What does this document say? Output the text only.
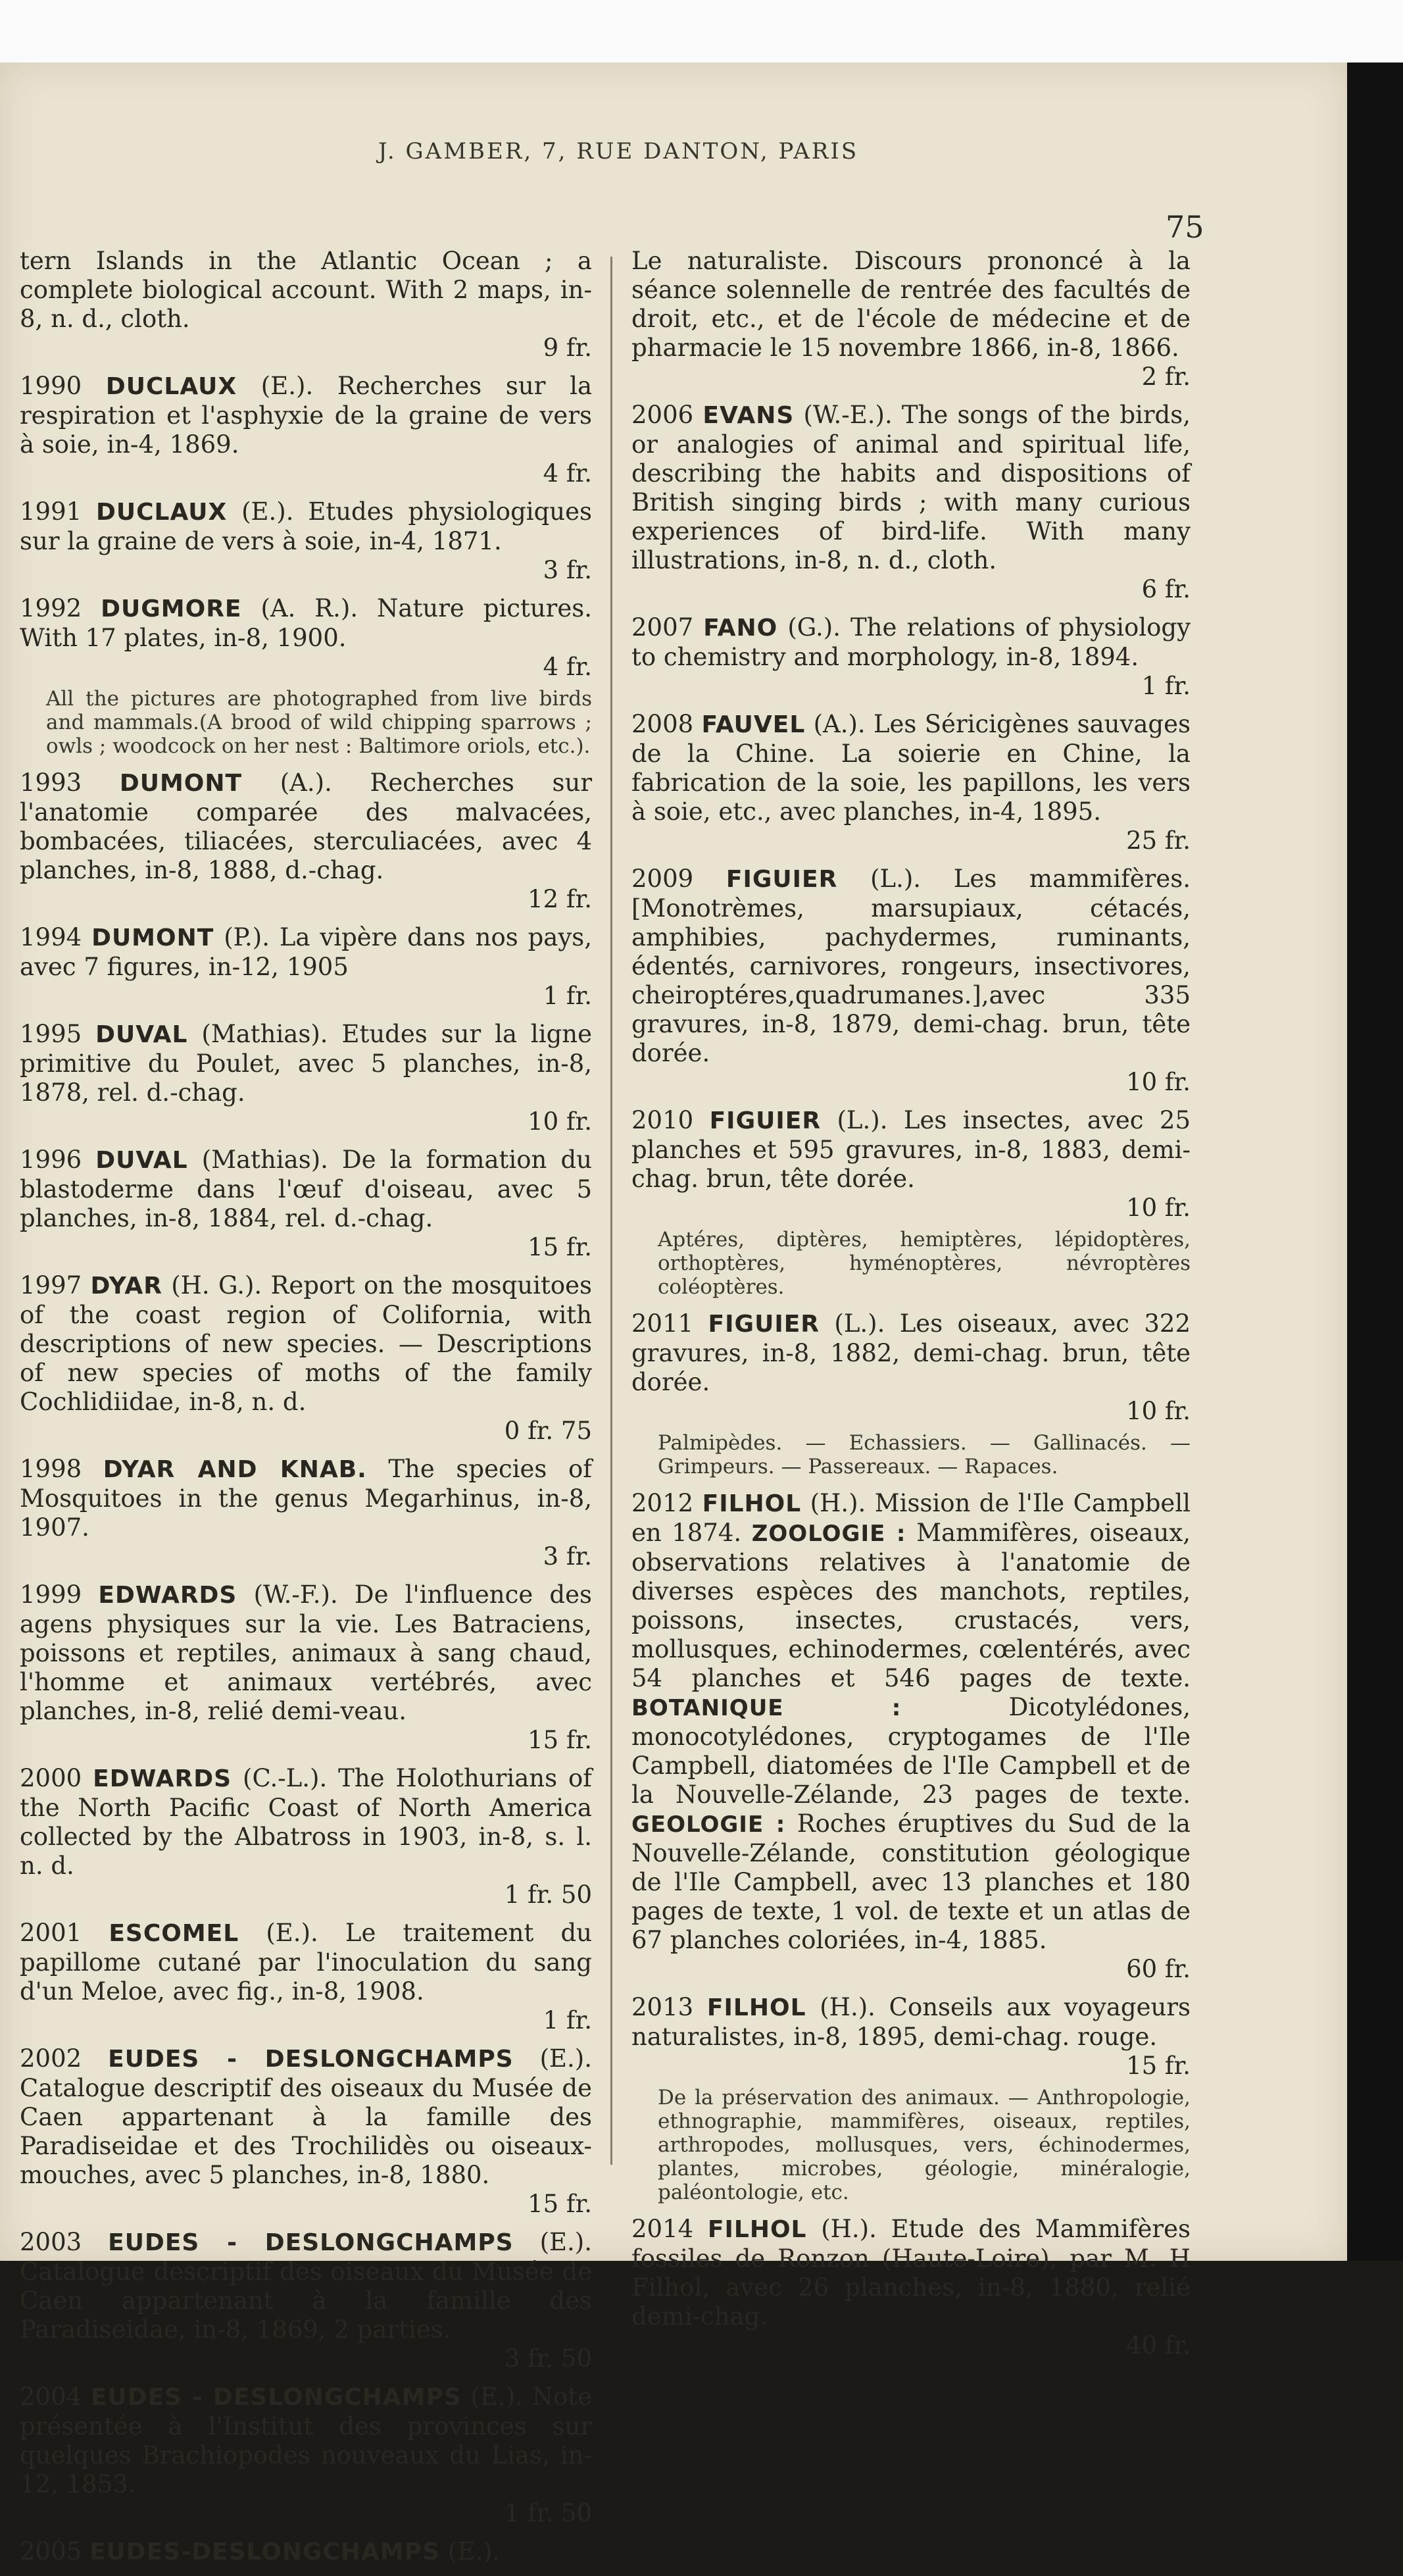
J. GAMBER, 7, RUE DANTON, PARIS
75
tern Islands in the Atlantic Ocean ; a complete biological account. With 2 maps, in-8, n. d., cloth.
9 fr.
1990 DUCLAUX (E.). Recherches sur la respiration et l'asphyxie de la graine de vers à soie, in-4, 1869.
4 fr.
1991 DUCLAUX (E.). Etudes physiologiques sur la graine de vers à soie, in-4, 1871.
3 fr.
1992 DUGMORE (A. R.). Nature pictures. With 17 plates, in-8, 1900.
4 fr.
All the pictures are photographed from live birds and mammals.(A brood of wild chipping sparrows ; owls ; woodcock on her nest : Baltimore oriols, etc.).
1993 DUMONT (A.). Recherches sur l'anatomie comparée des malvacées, bombacées, tiliacées, sterculiacées, avec 4 planches, in-8, 1888, d.-chag.
12 fr.
1994 DUMONT (P.). La vipère dans nos pays, avec 7 figures, in-12, 1905
1 fr.
1995 DUVAL (Mathias). Etudes sur la ligne primitive du Poulet, avec 5 planches, in-8, 1878, rel. d.-chag.
10 fr.
1996 DUVAL (Mathias). De la formation du blastoderme dans l'œuf d'oiseau, avec 5 planches, in-8, 1884, rel. d.-chag.
15 fr.
1997 DYAR (H. G.). Report on the mosquitoes of the coast region of Colifornia, with descriptions of new species. — Descriptions of new species of moths of the family Cochlidiidae, in-8, n. d.
0 fr. 75
1998 DYAR AND KNAB. The species of Mosquitoes in the genus Megarhinus, in-8, 1907.
3 fr.
1999 EDWARDS (W.-F.). De l'influence des agens physiques sur la vie. Les Batraciens, poissons et reptiles, animaux à sang chaud, l'homme et animaux vertébrés, avec planches, in-8, relié demi-veau.
15 fr.
2000 EDWARDS (C.-L.). The Holothurians of the North Pacific Coast of North America collected by the Albatross in 1903, in-8, s. l. n. d.
1 fr. 50
2001 ESCOMEL (E.). Le traitement du papillome cutané par l'inoculation du sang d'un Meloe, avec fig., in-8, 1908.
1 fr.
2002 EUDES - DESLONGCHAMPS (E.). Catalogue descriptif des oiseaux du Musée de Caen appartenant à la famille des Paradiseidae et des Trochilidès ou oiseaux-mouches, avec 5 planches, in-8, 1880.
15 fr.
2003 EUDES - DESLONGCHAMPS (E.). Catalogue descriptif des oiseaux du Musée de Caen appartenant à la famille des Paradiseidae, in-8, 1869, 2 parties.
3 fr. 50
2004 EUDES - DESLONGCHAMPS (E.). Note présentée à l'Institut des provinces sur quelques Brachiopodes nouveaux du Lias, in-12, 1853.
1 fr. 50
2005 EUDES-DESLONGCHAMPS (E.).
Le naturaliste. Discours prononcé à la séance solennelle de rentrée des facultés de droit, etc., et de l'école de médecine et de pharmacie le 15 novembre 1866, in-8, 1866.
2 fr.
2006 EVANS (W.-E.). The songs of the birds, or analogies of animal and spiritual life, describing the habits and dispositions of British singing birds ; with many curious experiences of bird-life. With many illustrations, in-8, n. d., cloth.
6 fr.
2007 FANO (G.). The relations of physiology to chemistry and morphology, in-8, 1894.
1 fr.
2008 FAUVEL (A.). Les Séricigènes sauvages de la Chine. La soierie en Chine, la fabrication de la soie, les papillons, les vers à soie, etc., avec planches, in-4, 1895.
25 fr.
2009 FIGUIER (L.). Les mammifères. [Monotrèmes, marsupiaux, cétacés, amphibies, pachydermes, ruminants, édentés, carnivores, rongeurs, insectivores, cheiroptéres,quadrumanes.],avec 335 gravures, in-8, 1879, demi-chag. brun, tête dorée.
10 fr.
2010 FIGUIER (L.). Les insectes, avec 25 planches et 595 gravures, in-8, 1883, demi-chag. brun, tête dorée.
10 fr.
Aptéres, diptères, hemiptères, lépidoptères, orthoptères, hyménoptères, névroptères coléoptères.
2011 FIGUIER (L.). Les oiseaux, avec 322 gravures, in-8, 1882, demi-chag. brun, tête dorée.
10 fr.
Palmipèdes. — Echassiers. — Gallinacés. — Grimpeurs. — Passereaux. — Rapaces.
2012 FILHOL (H.). Mission de l'Ile Campbell en 1874. ZOOLOGIE : Mammifères, oiseaux, observations relatives à l'anatomie de diverses espèces des manchots, reptiles, poissons, insectes, crustacés, vers, mollusques, echinodermes, cœlentérés, avec 54 planches et 546 pages de texte. BOTANIQUE :	Dicotylédones, monocotylédones, cryptogames de l'Ile Campbell, diatomées de l'Ile Campbell et de la Nouvelle-Zélande, 23 pages de texte. GEOLOGIE : Roches éruptives du Sud de la Nouvelle-Zélande, constitution géologique de l'Ile Campbell, avec 13 planches et 180 pages de texte, 1 vol. de texte et un atlas de 67 planches coloriées, in-4, 1885.
60 fr.
2013 FILHOL (H.). Conseils aux voyageurs naturalistes, in-8, 1895, demi-chag. rouge.
15 fr.
De la préservation des animaux. — Anthropologie, ethnographie, mammifères, oiseaux, reptiles, arthropodes, mollusques, vers, échinodermes, plantes, microbes, géologie, minéralogie, paléontologie, etc.
2014 FILHOL (H.). Etude des Mammifères fossiles de Ronzon (Haute-Loire), par M. H Filhol, avec 26 planches, in-8, 1880, relié demi-chag.
40 fr.
